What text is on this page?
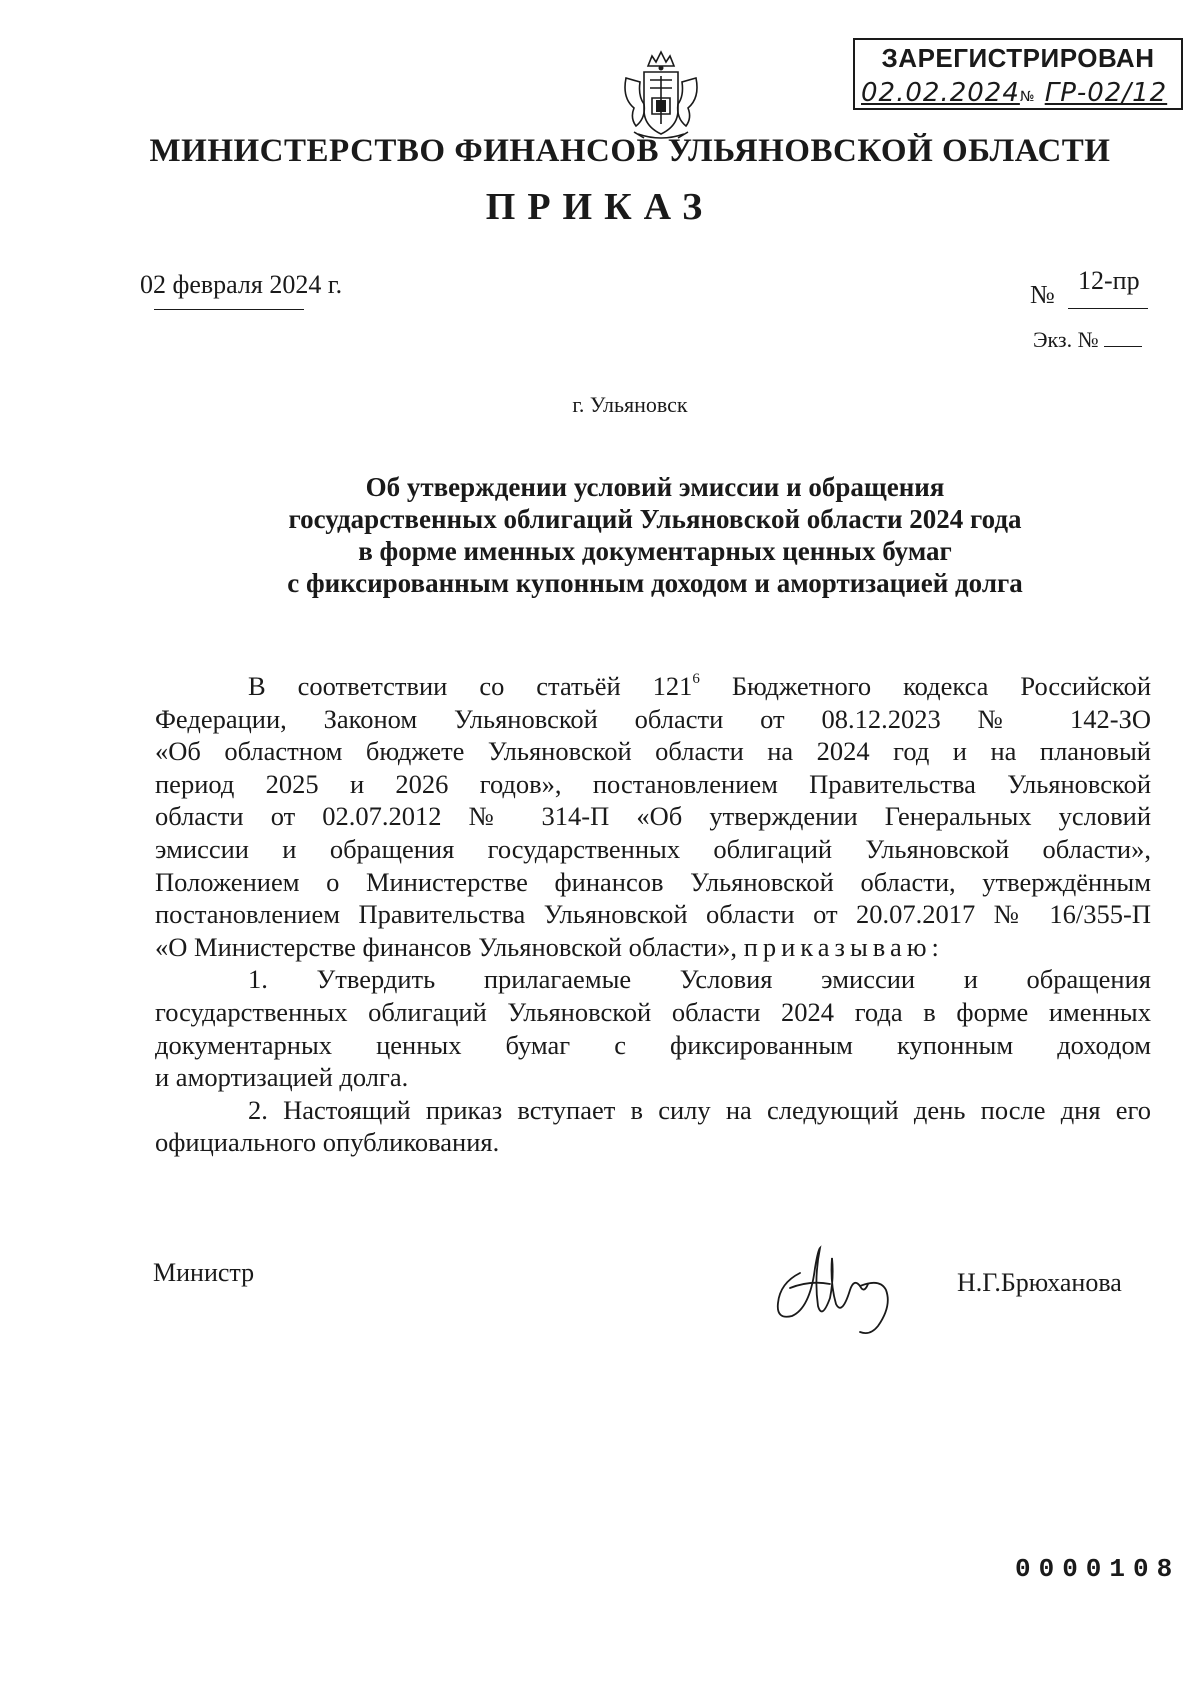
ЗАРЕГИСТРИРОВАН
02.02.2024№ ГР-02/12
МИНИСТЕРСТВО ФИНАНСОВ УЛЬЯНОВСКОЙ ОБЛАСТИ
ПРИКАЗ
02 февраля 2024 г.	№ 12-пр
Экз. №
г. Ульяновск
Об утверждении условий эмиссии и обращения
государственных облигаций Ульяновской области 2024 года
в форме именных документарных ценных бумаг
с фиксированным купонным доходом и амортизацией долга
В соответствии со статьёй $121^6$ Бюджетного кодекса Российской
Федерации, Законом Ульяновской области от 08.12.2023 № 142-ЗО
«Об областном бюджете Ульяновской области на 2024 год и на плановый
период 2025 и 2026 годов», постановлением Правительства Ульяновской
области от 02.07.2012 № 314-П «Об утверждении Генеральных условий
эмиссии и обращения государственных облигаций Ульяновской области»,
Положением о Министерстве финансов Ульяновской области, утверждённым
постановлением Правительства Ульяновской области от 20.07.2017 № 16/355-П
«О Министерстве финансов Ульяновской области», приказываю:
1. Утвердить прилагаемые Условия эмиссии и обращения
государственных облигаций Ульяновской области 2024 года в форме именных
документарных ценных бумаг с фиксированным купонным доходом
и амортизацией долга.
2. Настоящий приказ вступает в силу на следующий день после дня его
официального опубликования.
Министр	Н.Г.Брюханова
0000108
